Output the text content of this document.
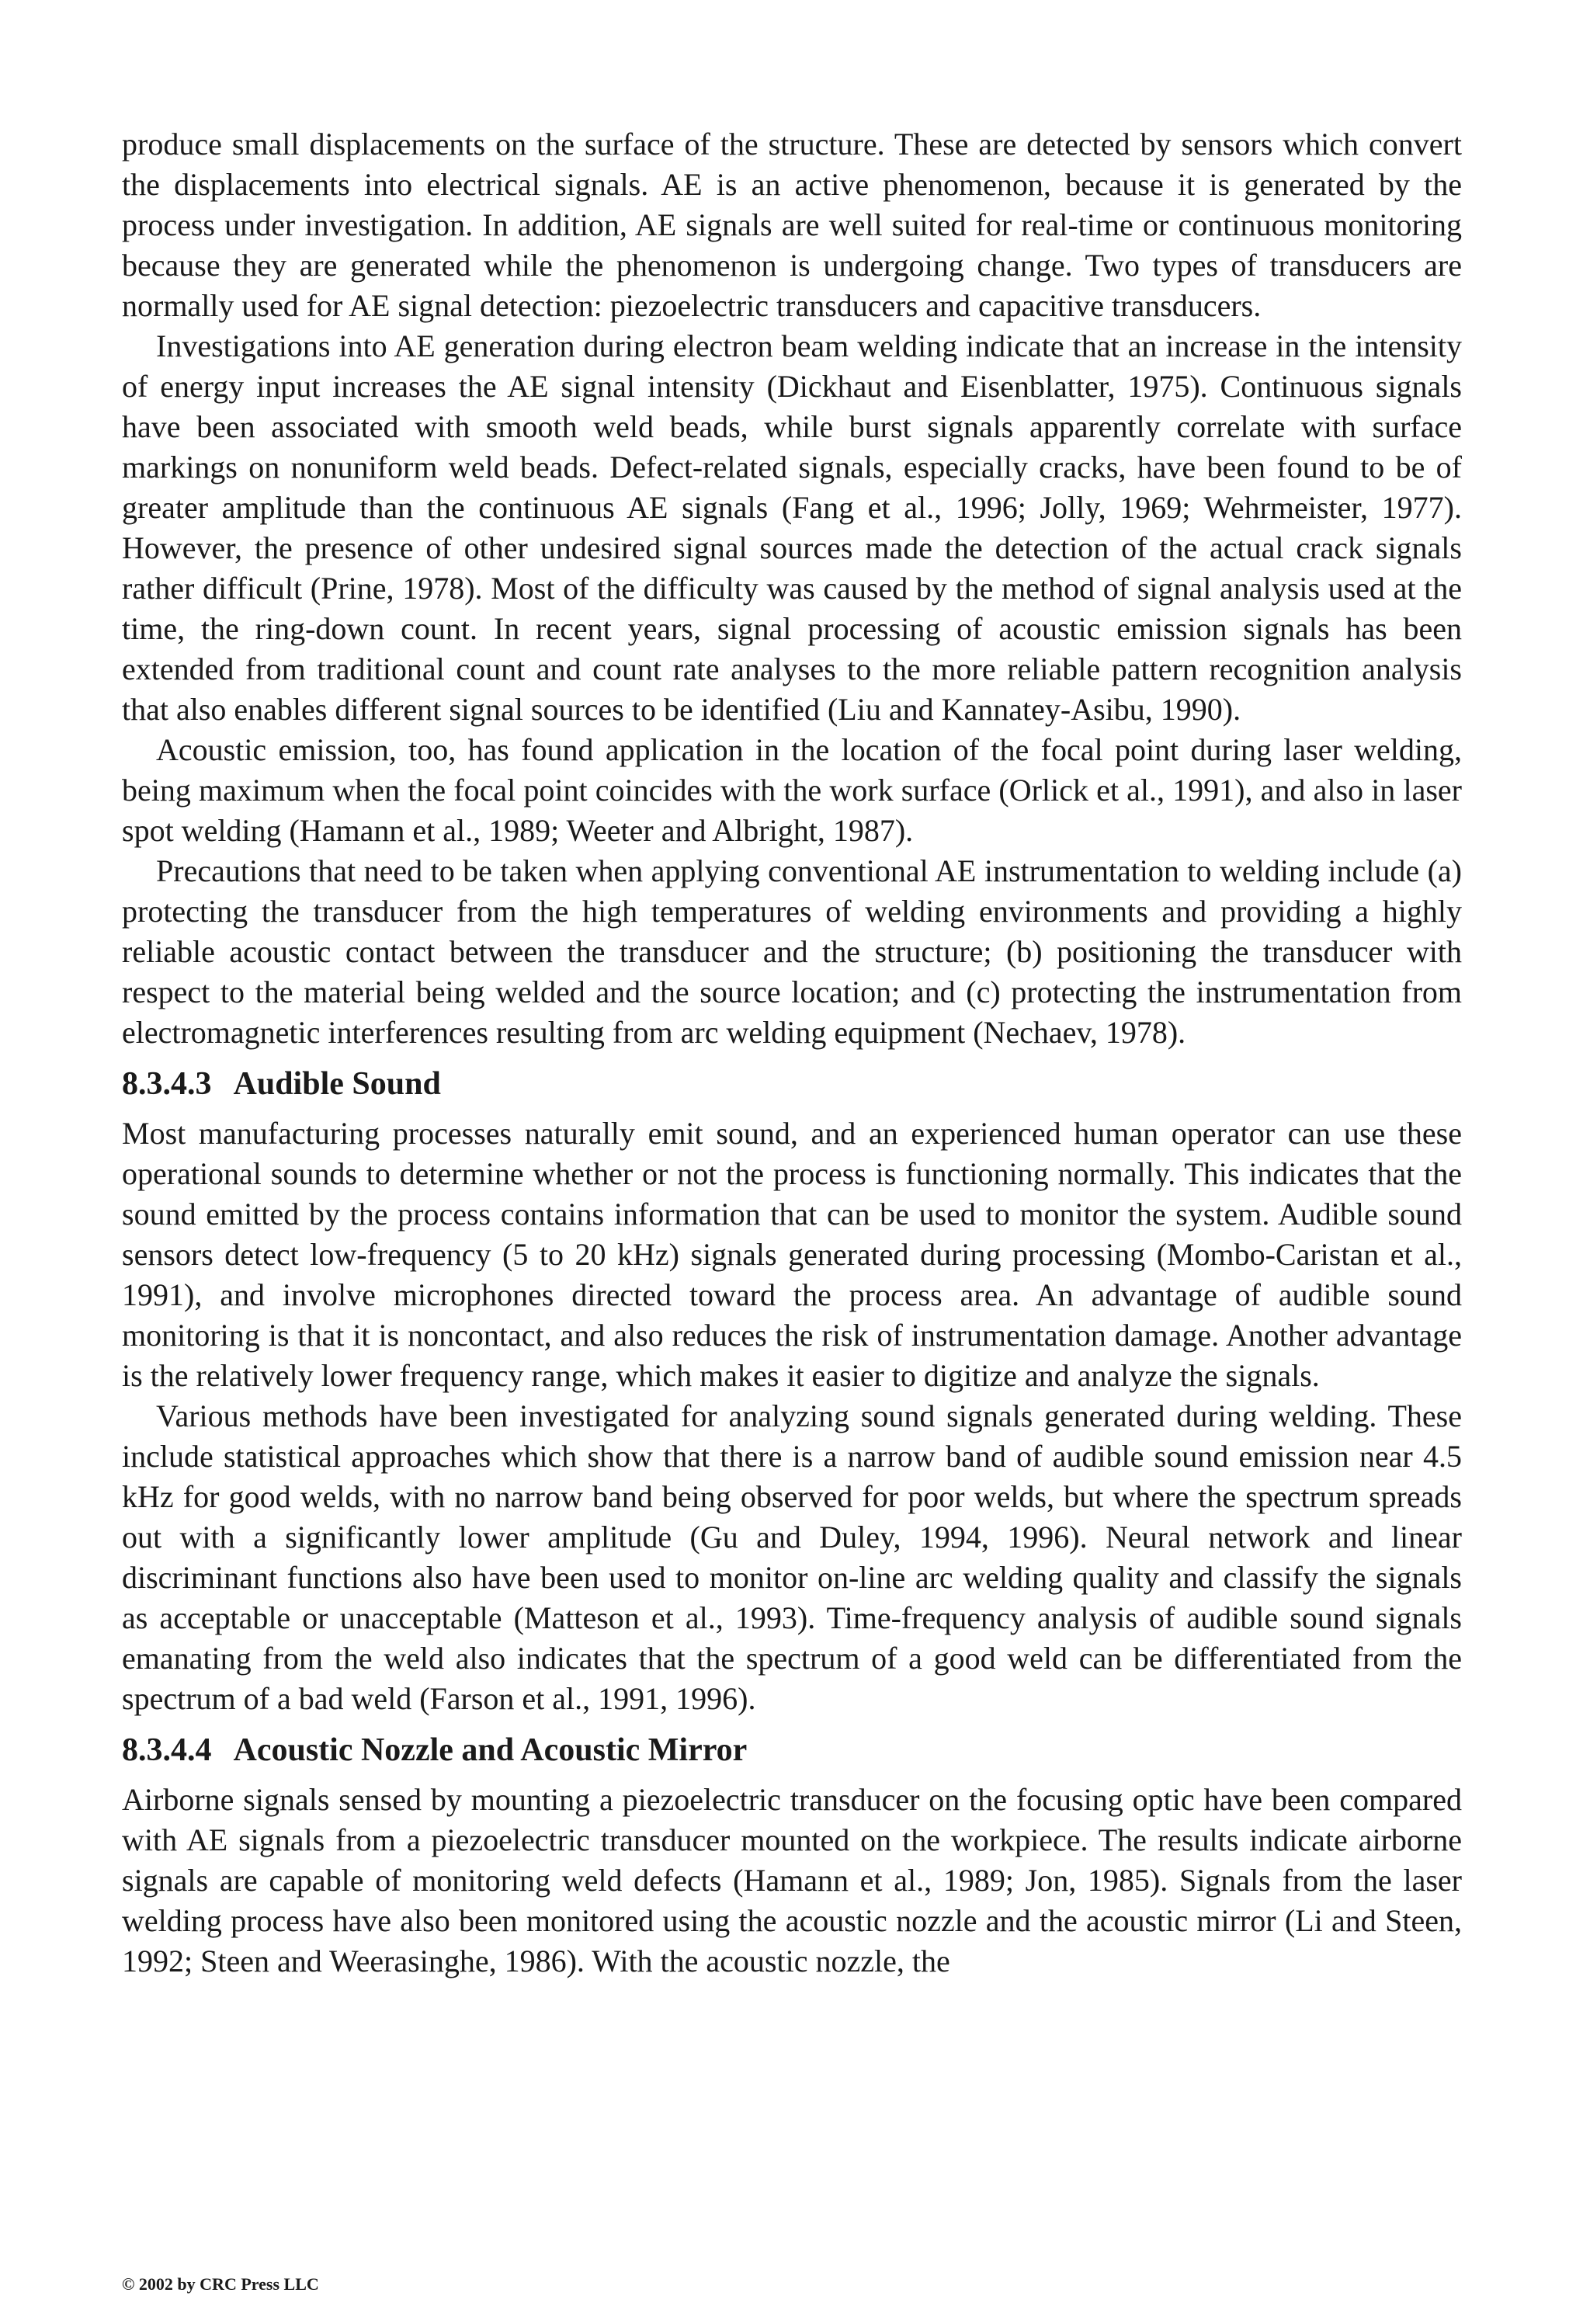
produce small displacements on the surface of the structure. These are detected by sensors which convert the displacements into electrical signals. AE is an active phenomenon, because it is generated by the process under investigation. In addition, AE signals are well suited for real-time or continuous monitoring because they are generated while the phenomenon is undergoing change. Two types of transducers are normally used for AE signal detection: piezoelectric transducers and capacitive transducers.

Investigations into AE generation during electron beam welding indicate that an increase in the intensity of energy input increases the AE signal intensity (Dickhaut and Eisenblatter, 1975). Continuous signals have been associated with smooth weld beads, while burst signals apparently correlate with surface markings on nonuniform weld beads. Defect-related signals, especially cracks, have been found to be of greater amplitude than the continuous AE signals (Fang et al., 1996; Jolly, 1969; Wehrmeister, 1977). However, the presence of other undesired signal sources made the detection of the actual crack signals rather difficult (Prine, 1978). Most of the difficulty was caused by the method of signal analysis used at the time, the ring-down count. In recent years, signal processing of acoustic emission signals has been extended from traditional count and count rate analyses to the more reliable pattern recognition analysis that also enables different signal sources to be identified (Liu and Kannatey-Asibu, 1990).

Acoustic emission, too, has found application in the location of the focal point during laser welding, being maximum when the focal point coincides with the work surface (Orlick et al., 1991), and also in laser spot welding (Hamann et al., 1989; Weeter and Albright, 1987).

Precautions that need to be taken when applying conventional AE instrumentation to welding include (a) protecting the transducer from the high temperatures of welding environments and providing a highly reliable acoustic contact between the transducer and the structure; (b) positioning the transducer with respect to the material being welded and the source location; and (c) protecting the instrumentation from electromagnetic interferences resulting from arc welding equipment (Nechaev, 1978).

8.3.4.3 Audible Sound

Most manufacturing processes naturally emit sound, and an experienced human operator can use these operational sounds to determine whether or not the process is functioning normally. This indicates that the sound emitted by the process contains information that can be used to monitor the system. Audible sound sensors detect low-frequency (5 to 20 kHz) signals generated during processing (Mombo-Caristan et al., 1991), and involve microphones directed toward the process area. An advantage of audible sound monitoring is that it is noncontact, and also reduces the risk of instrumentation damage. Another advantage is the relatively lower frequency range, which makes it easier to digitize and analyze the signals.

Various methods have been investigated for analyzing sound signals generated during welding. These include statistical approaches which show that there is a narrow band of audible sound emission near 4.5 kHz for good welds, with no narrow band being observed for poor welds, but where the spectrum spreads out with a significantly lower amplitude (Gu and Duley, 1994, 1996). Neural network and linear discriminant functions also have been used to monitor on-line arc welding quality and classify the signals as acceptable or unacceptable (Matteson et al., 1993). Time-frequency analysis of audible sound signals emanating from the weld also indicates that the spectrum of a good weld can be differentiated from the spectrum of a bad weld (Farson et al., 1991, 1996).

8.3.4.4 Acoustic Nozzle and Acoustic Mirror

Airborne signals sensed by mounting a piezoelectric transducer on the focusing optic have been compared with AE signals from a piezoelectric transducer mounted on the workpiece. The results indicate airborne signals are capable of monitoring weld defects (Hamann et al., 1989; Jon, 1985). Signals from the laser welding process have also been monitored using the acoustic nozzle and the acoustic mirror (Li and Steen, 1992; Steen and Weerasinghe, 1986). With the acoustic nozzle, the

© 2002 by CRC Press LLC
